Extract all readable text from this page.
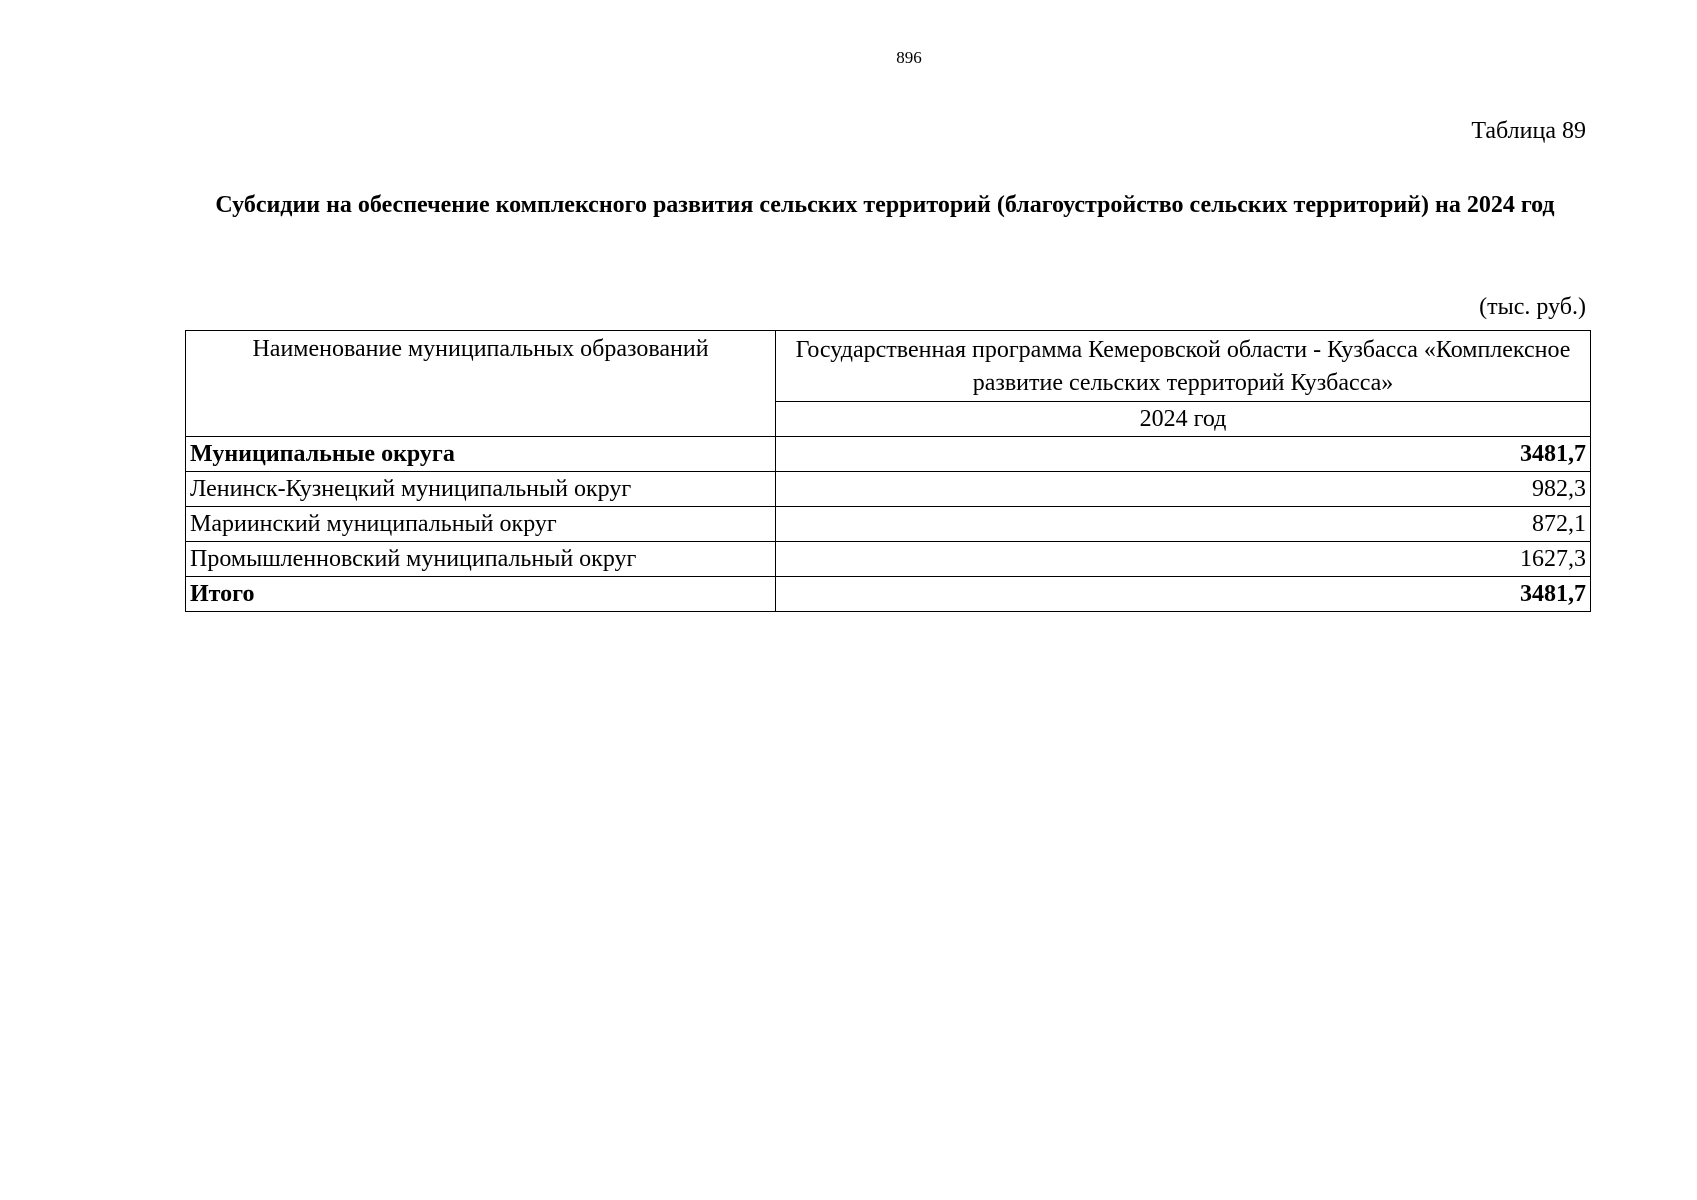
896
Таблица 89
Субсидии на обеспечение комплексного развития сельских территорий (благоустройство сельских территорий) на 2024 год
(тыс. руб.)
Наименование муниципальных образований	Государственная программа Кемеровской области - Кузбасса «Комплексное развитие сельских территорий Кузбасса»
	2024 год
Муниципальные округа	3481,7
Ленинск-Кузнецкий муниципальный округ	982,3
Мариинский муниципальный округ	872,1
Промышленновский муниципальный округ	1627,3
Итого	3481,7
